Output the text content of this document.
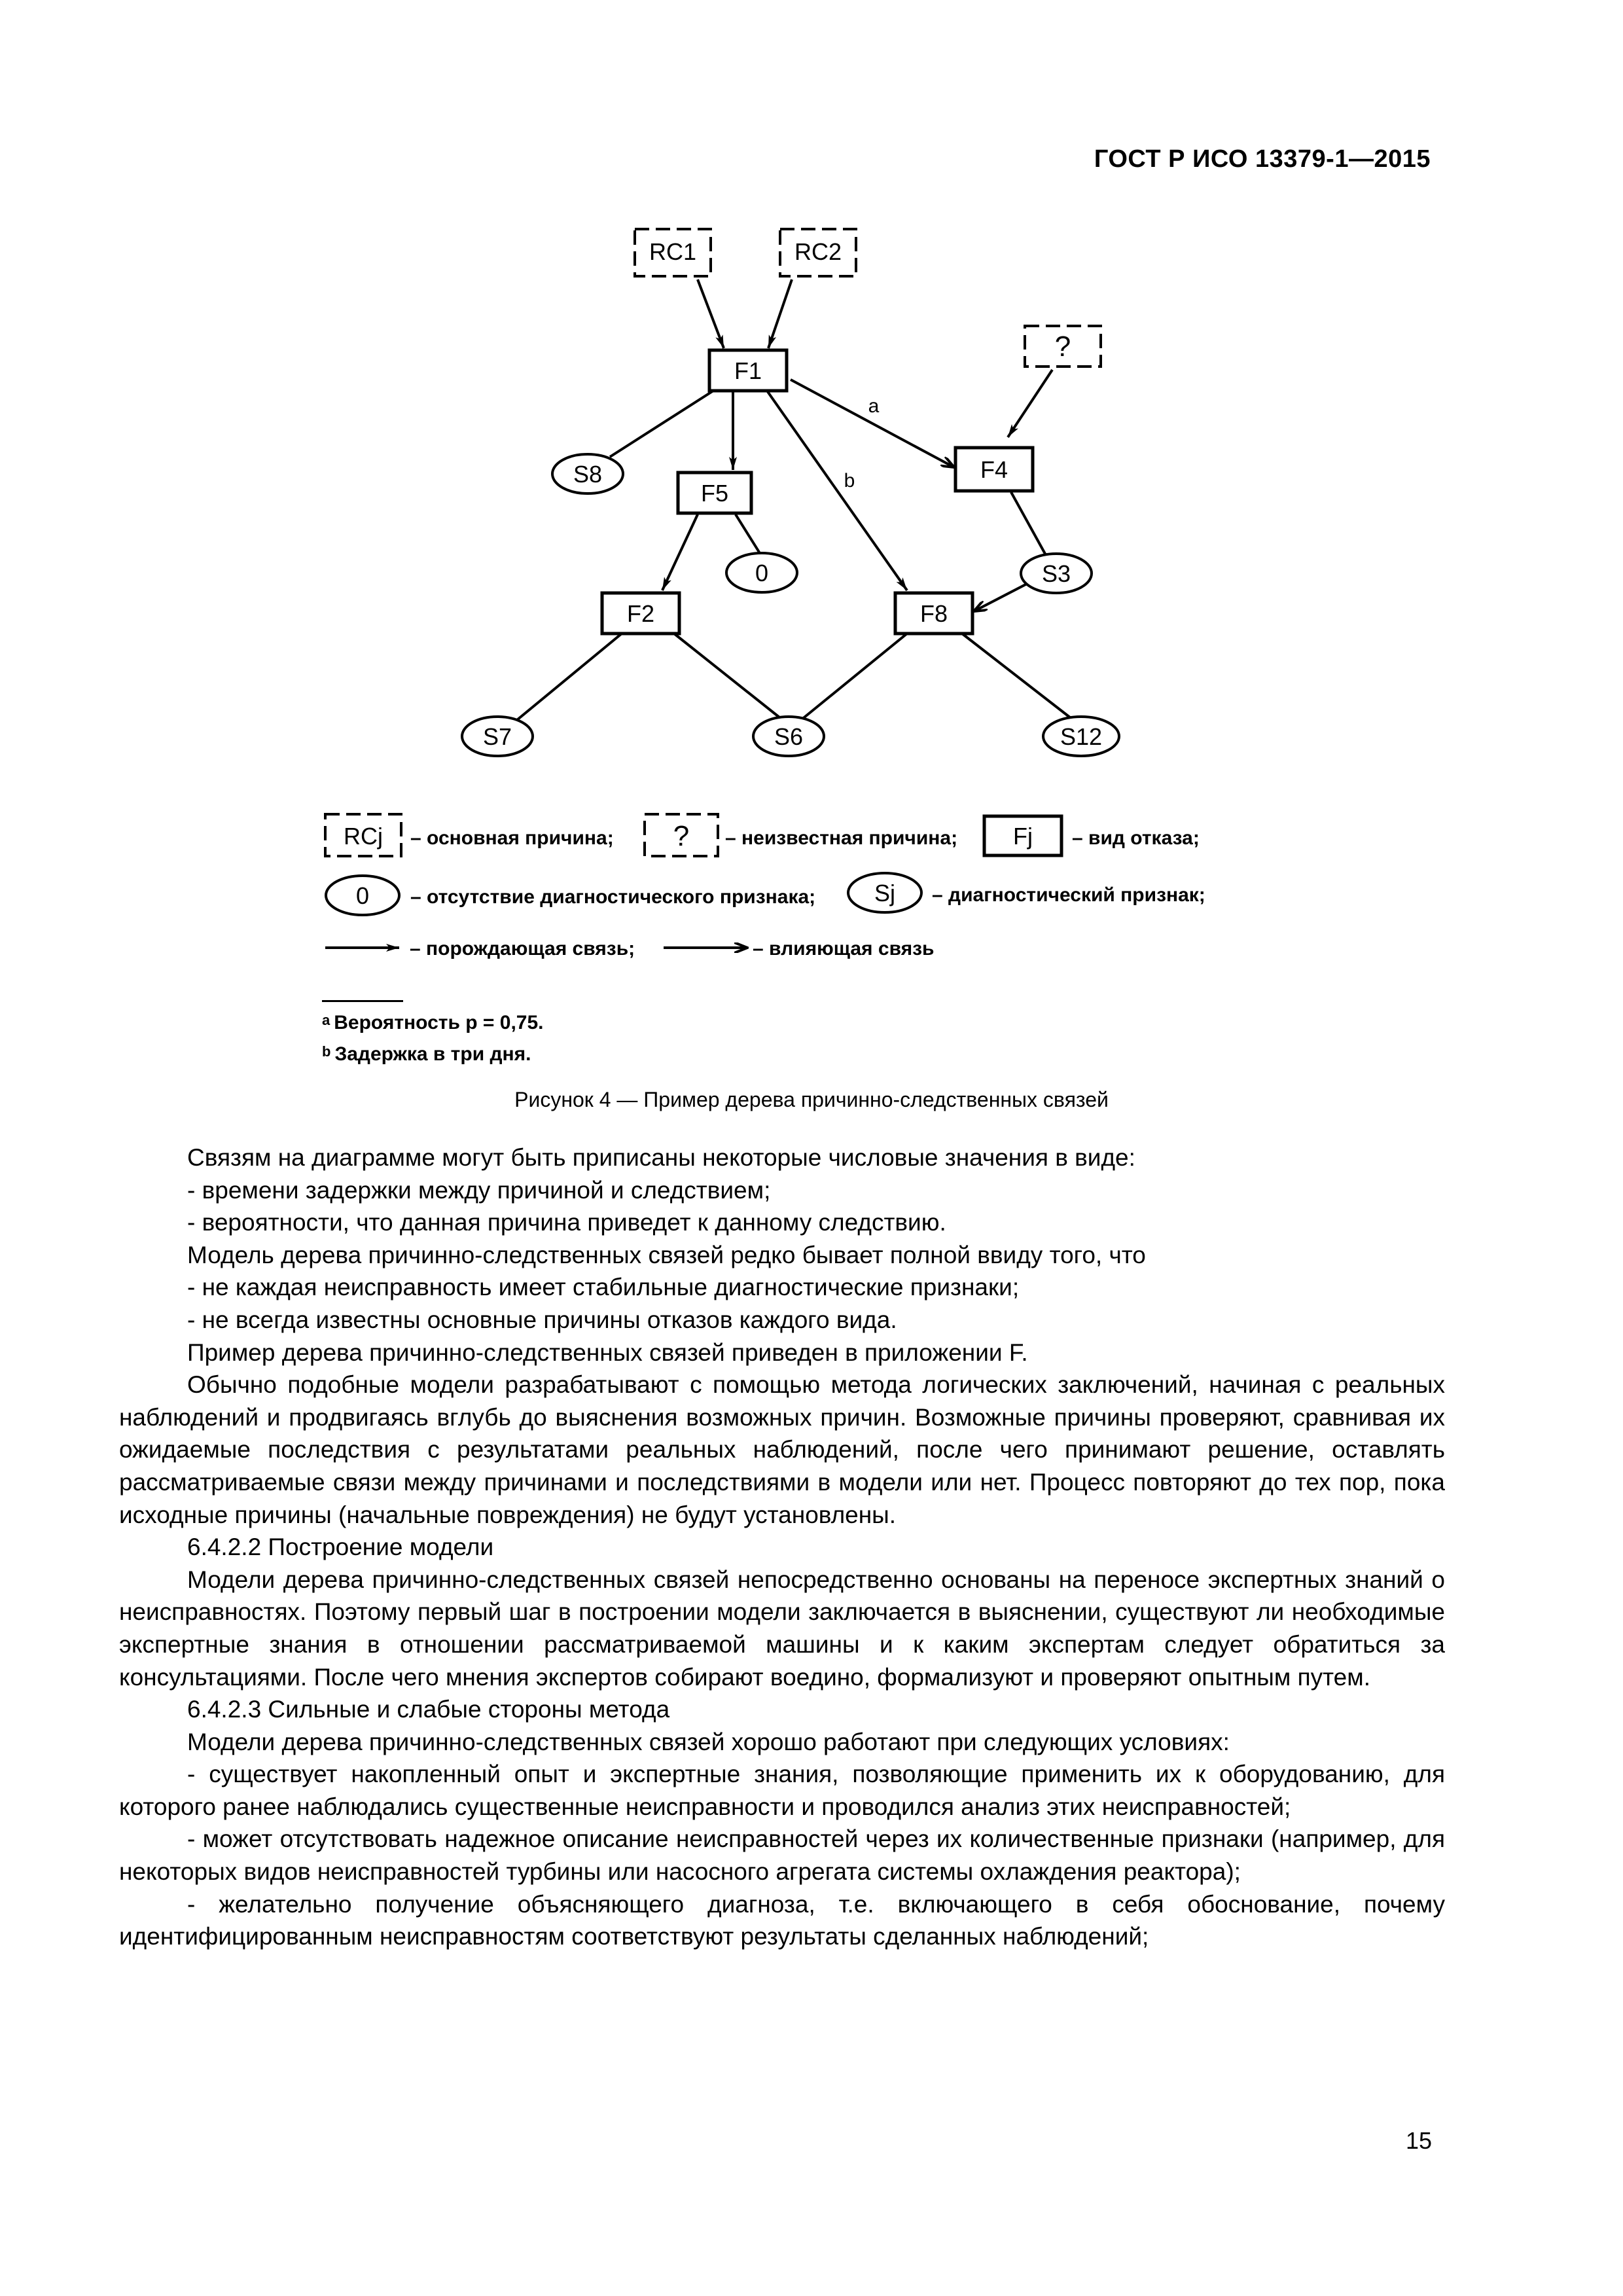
ГОСТ Р ИСО 13379-1—2015
a
b
RC1	RC2
?
F1
F4
F5
F2	F8
S8
0	S3
S7	S6	S12
RCj – основная причина; ? – неизвестная причина; Fj – вид отказа;
0 – отсутствие диагностического признака; Sj – диагностический признак;
– порождающая связь;	– влияющая связь
$^a$ Вероятность p = 0,75.
$^b$ Задержка в три дня.
Рисунок 4 — Пример дерева причинно-следственных связей

Связям на диаграмме могут быть приписаны некоторые числовые значения в виде:

- времени задержки между причиной и следствием;

- вероятности, что данная причина приведет к данному следствию.

Модель дерева причинно-следственных связей редко бывает полной ввиду того, что

- не каждая неисправность имеет стабильные диагностические признаки;

- не всегда известны основные причины отказов каждого вида.

Пример дерева причинно-следственных связей приведен в приложении F.

Обычно подобные модели разрабатывают с помощью метода логических заключений, начиная с реальных наблюдений и продвигаясь вглубь до выяснения возможных причин. Возможные причины проверяют, сравнивая их ожидаемые последствия с результатами реальных наблюдений, после чего принимают решение, оставлять рассматриваемые связи между причинами и последствиями в модели или нет. Процесс повторяют до тех пор, пока исходные причины (начальные повреждения) не будут установлены.

6.4.2.2 Построение модели

Модели дерева причинно-следственных связей непосредственно основаны на переносе экспертных знаний о неисправностях. Поэтому первый шаг в построении модели заключается в выяснении, существуют ли необходимые экспертные знания в отношении рассматриваемой машины и к каким экспертам следует обратиться за консультациями. После чего мнения экспертов собирают воедино, формализуют и проверяют опытным путем.

6.4.2.3 Сильные и слабые стороны метода

Модели дерева причинно-следственных связей хорошо работают при следующих условиях:

- существует накопленный опыт и экспертные знания, позволяющие применить их к оборудованию, для которого ранее наблюдались существенные неисправности и проводился анализ этих неисправностей;

- может отсутствовать надежное описание неисправностей через их количественные признаки (например, для некоторых видов неисправностей турбины или насосного агрегата системы охлаждения реактора);

- желательно получение объясняющего диагноза, т.е. включающего в себя обоснование, почему идентифицированным неисправностям соответствуют результаты сделанных наблюдений;

15
